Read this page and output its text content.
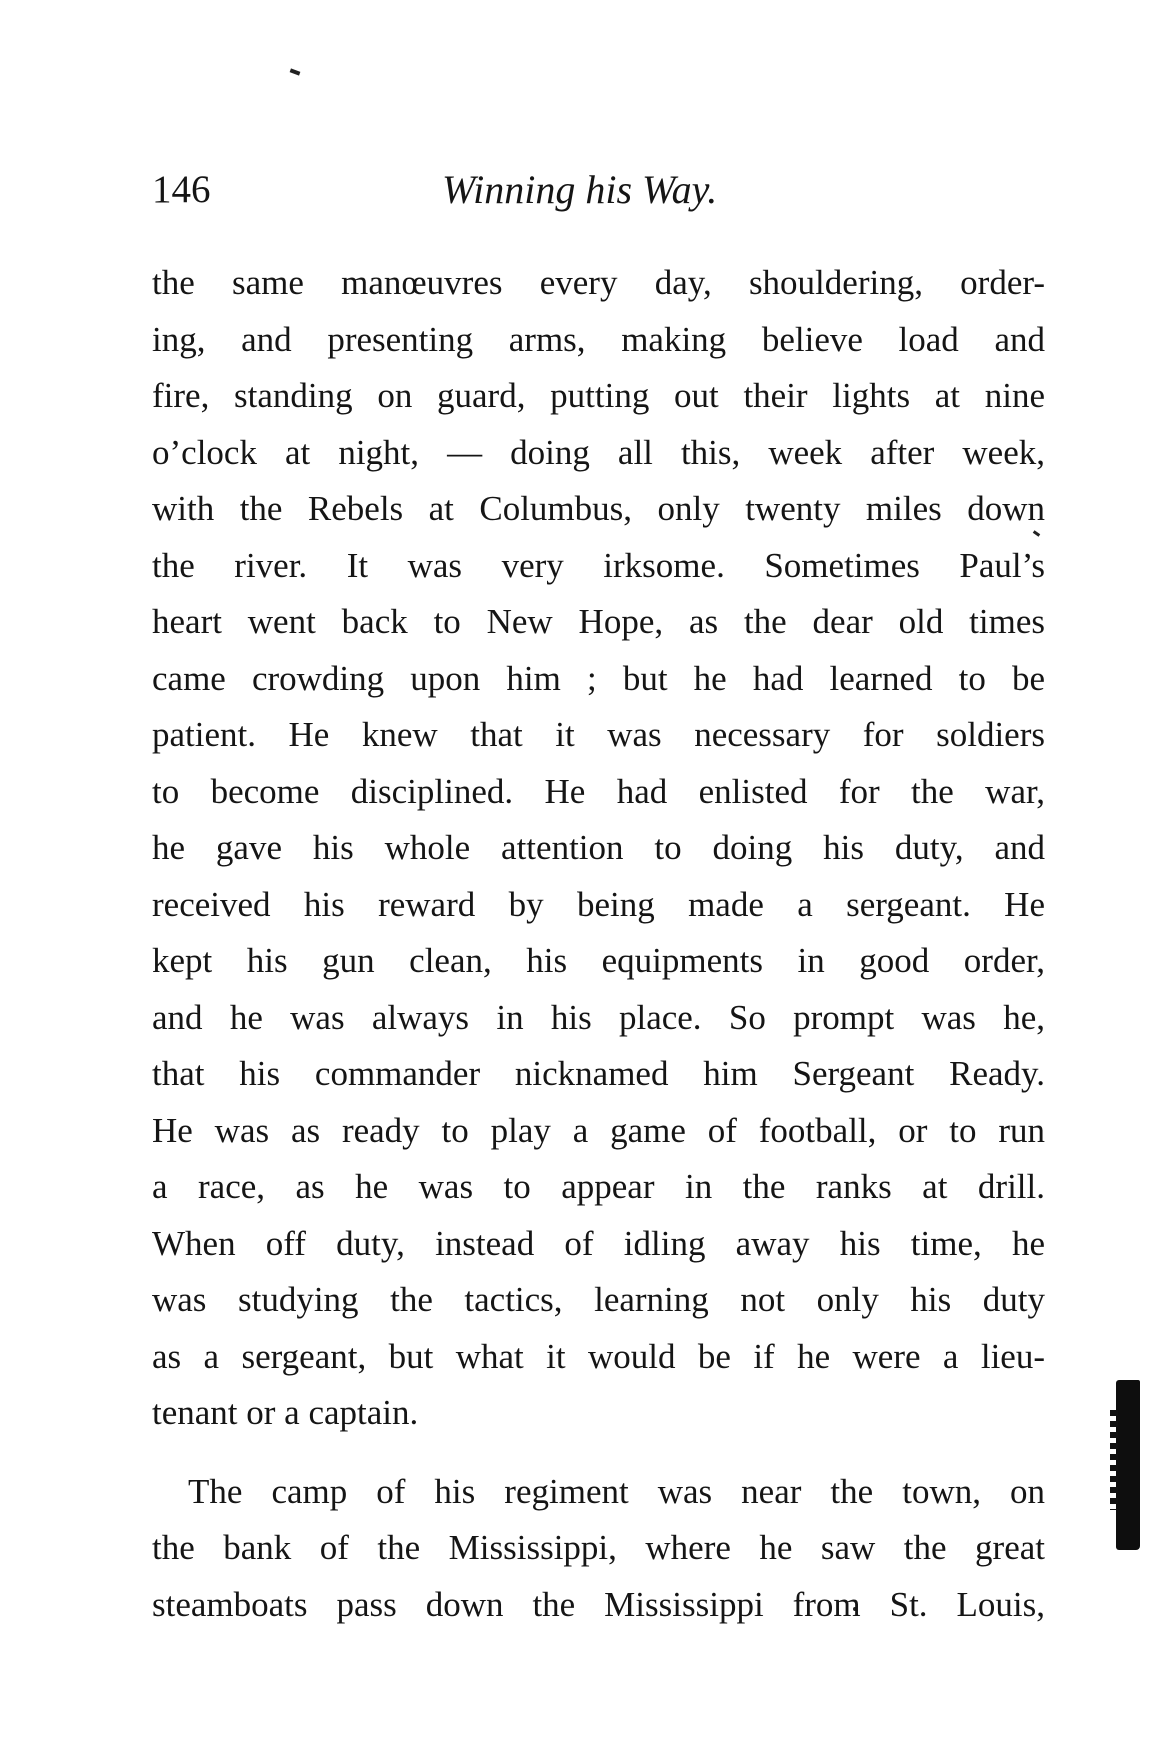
146	Winning his Way.
the same manœuvres every day, shouldering, order-
ing, and presenting arms, making believe load and
fire, standing on guard, putting out their lights at nine
o’clock at night, — doing all this, week after week,
with the Rebels at Columbus, only twenty miles down
the river. It was very irksome. Sometimes Paul’s
heart went back to New Hope, as the dear old times
came crowding upon him ; but he had learned to be
patient. He knew that it was necessary for soldiers
to become disciplined. He had enlisted for the war,
he gave his whole attention to doing his duty, and
received his reward by being made a sergeant. He
kept his gun clean, his equipments in good order,
and he was always in his place. So prompt was he,
that his commander nicknamed him Sergeant Ready.
He was as ready to play a game of football, or to run
a race, as he was to appear in the ranks at drill.
When off duty, instead of idling away his time, he
was studying the tactics, learning not only his duty
as a sergeant, but what it would be if he were a lieu-
tenant or a captain.
The camp of his regiment was near the town, on
the bank of the Mississippi, where he saw the great
steamboats pass down the Mississippi from St. Louis,
